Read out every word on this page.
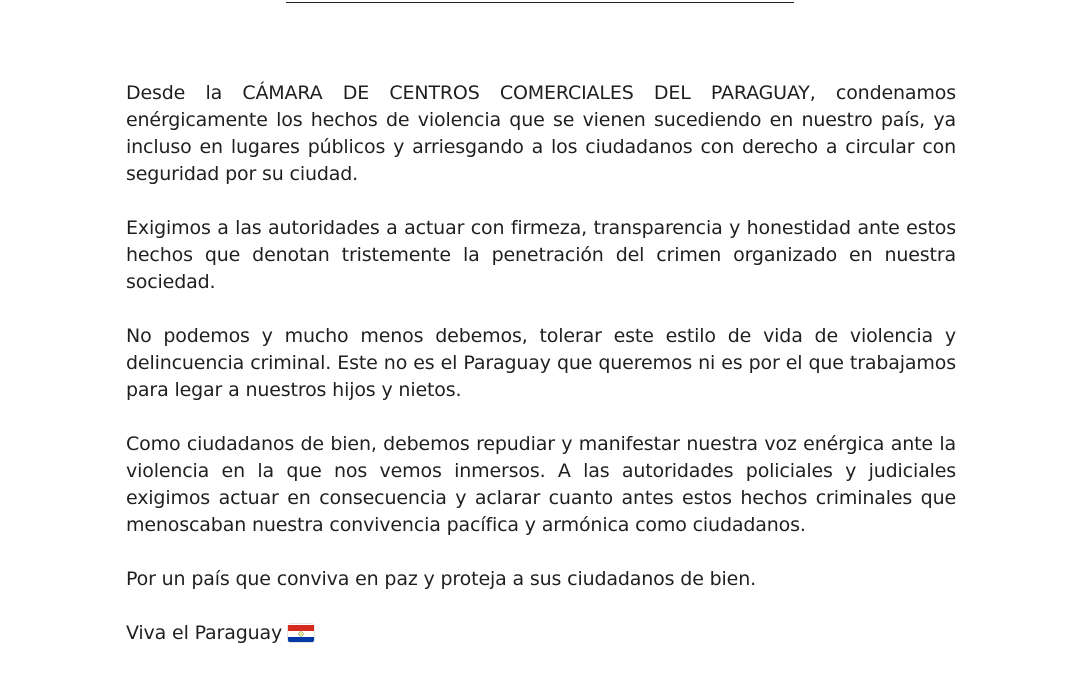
Desde la CÁMARA DE CENTROS COMERCIALES DEL PARAGUAY, condenamos enérgicamente los hechos de violencia que se vienen sucediendo en nuestro país, ya incluso en lugares públicos y arriesgando a los ciudadanos con derecho a circular con seguridad por su ciudad.

Exigimos a las autoridades a actuar con firmeza, transparencia y honestidad ante estos hechos que denotan tristemente la penetración del crimen organizado en nuestra sociedad.

No podemos y mucho menos debemos, tolerar este estilo de vida de violencia y delincuencia criminal. Este no es el Paraguay que queremos ni es por el que trabajamos para legar a nuestros hijos y nietos.

Como ciudadanos de bien, debemos repudiar y manifestar nuestra voz enérgica ante la violencia en la que nos vemos inmersos. A las autoridades policiales y judiciales exigimos actuar en consecuencia y aclarar cuanto antes estos hechos criminales que menoscaban nuestra convivencia pacífica y armónica como ciudadanos.

Por un país que conviva en paz y proteja a sus ciudadanos de bien.

Viva el Paraguay
